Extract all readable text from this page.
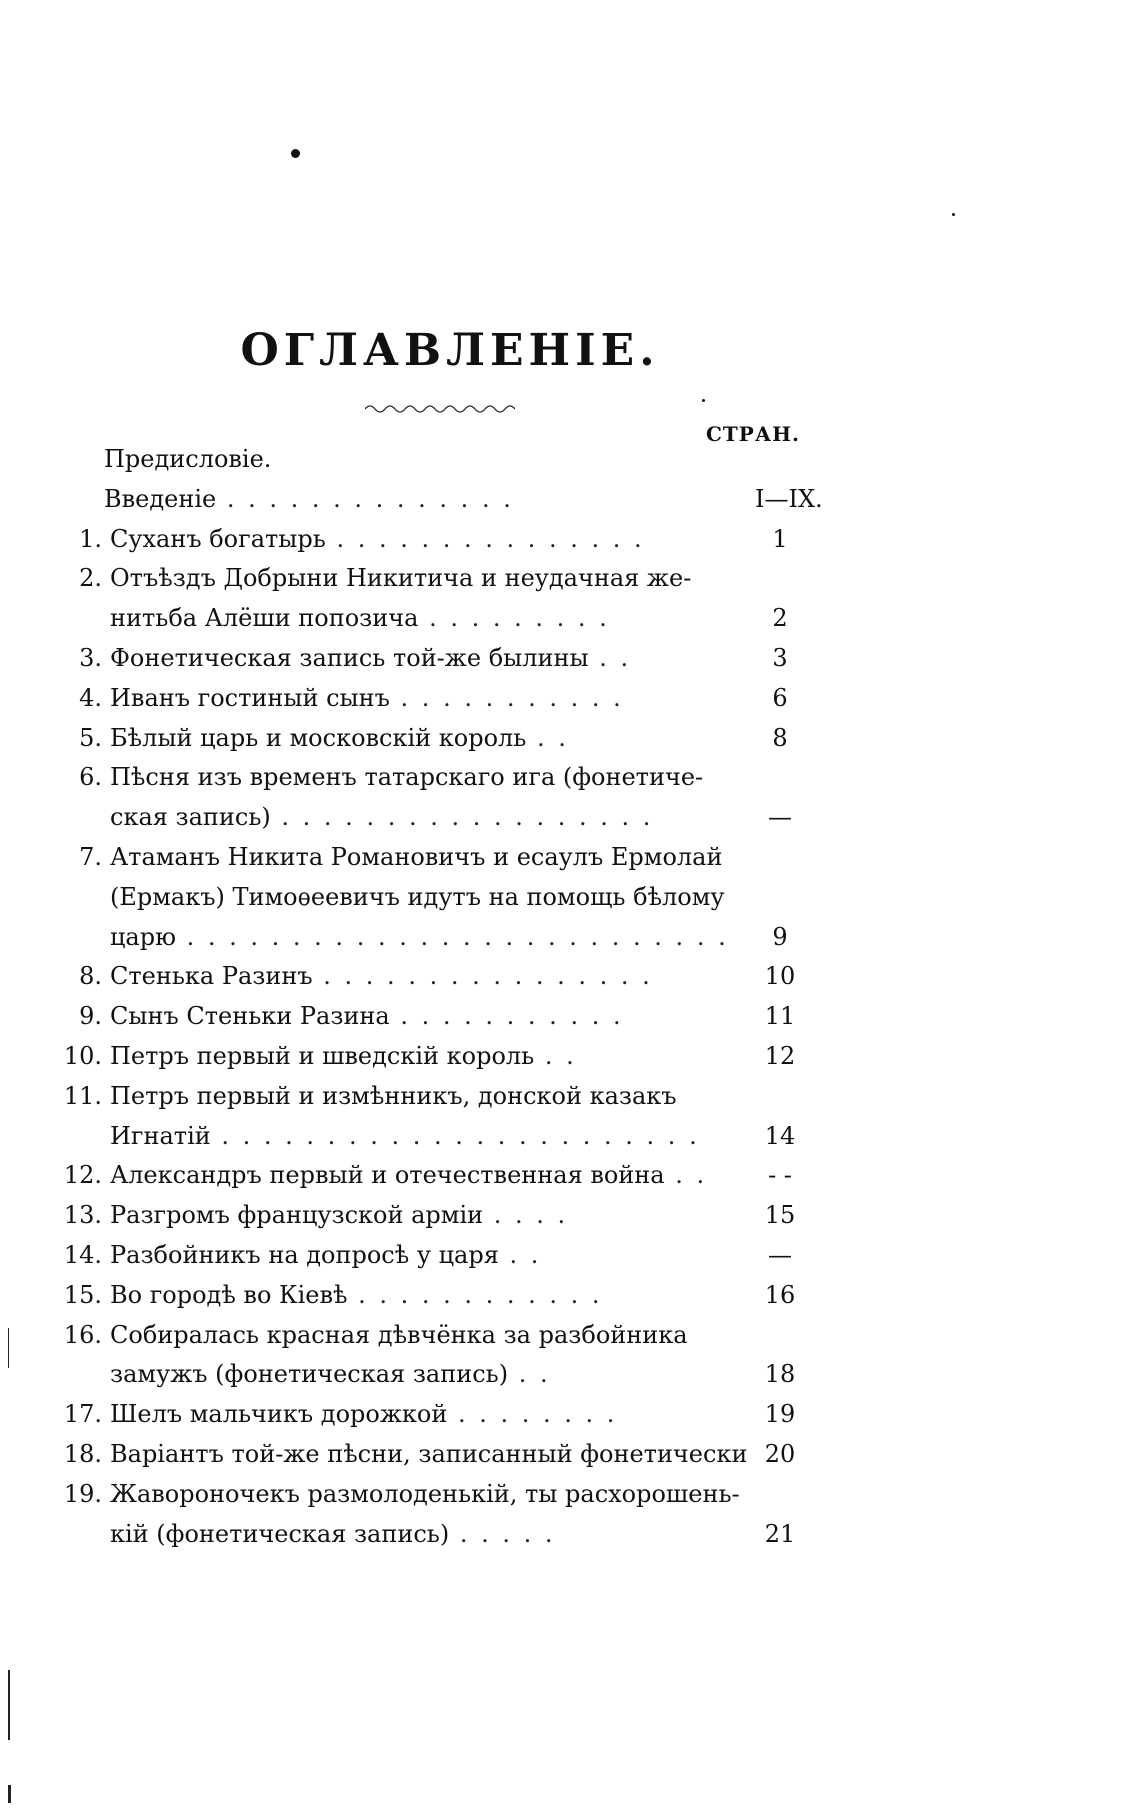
ОГЛАВЛЕНІЕ.
СТРАН.
Предисловіе.
Введеніе . . . . . . . . . . . . . .	I—IX.
1. Суханъ богатырь . . . . . . . . . . . . . . .	1
2. Отъѣздъ Добрыни Никитича и неудачная же-
нитьба Алёши попозича . . . . . . . . .	2
3. Фонетическая запись той-же былины . .	3
4. Иванъ гостиный сынъ . . . . . . . . . . .	6
5. Бѣлый царь и московскій король . .	8
6. Пѣсня изъ временъ татарскаго ига (фонетиче-
ская запись) . . . . . . . . . . . . . . . . . .	—
7. Атаманъ Никита Романовичъ и есаулъ Ермолай
(Ермакъ) Тимоѳеевичъ идутъ на помощь бѣлому
царю . . . . . . . . . . . . . . . . . . . . . . . . . .	9
8. Стенька Разинъ . . . . . . . . . . . . . . . .	10
9. Сынъ Стеньки Разина . . . . . . . . . . .	11
10. Петръ первый и шведскій король . .	12
11. Петръ первый и измѣнникъ, донской казакъ
Игнатій . . . . . . . . . . . . . . . . . . . . . . .	14
12. Александръ первый и отечественная война . .	- -
13. Разгромъ французской арміи . . . .	15
14. Разбойникъ на допросѣ у царя . .	—
15. Во городѣ во Кіевѣ . . . . . . . . . . . .	16
16. Собиралась красная дѣвчёнка за разбойника
замужъ (фонетическая запись) . .	18
17. Шелъ мальчикъ дорожкой . . . . . . . .	19
18. Варіантъ той-же пѣсни, записанный фонетически 20
19. Жавороночекъ размолоденькій, ты расхорошень-
кій (фонетическая запись) . . . . .	21
